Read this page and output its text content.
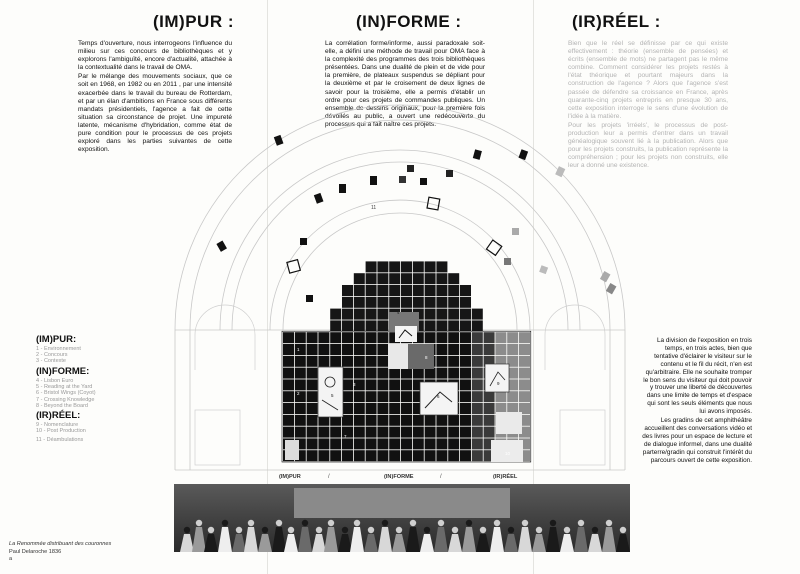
(IM)PUR :	(IN)FORME :	(IR)RÉEL :

Temps d'ouverture, nous interrogeons l'influence du milieu sur ces concours de bibliothèques et y explorons l'ambiguïté, encore d'actualité, attachée à la contextualité dans le travail de OMA.

Par le mélange des mouvements sociaux, que ce soit en 1968, en 1982 ou en 2011 , par une intensité exacerbée dans le travail du bureau de Rotterdam, et par un élan d'ambitions en France sous différents mandats présidentiels, l'agence a fait de cette situation sa circonstance de projet. Une impureté latente, mécanisme d'hybridation, comme état de pure condition pour le processus de ces projets exploré dans les parties suivantes de cette exposition.

La corrélation forme/informe, aussi paradoxale soit-elle, a défini une méthode de travail pour OMA face à la complexité des programmes des trois bibliothèques présentées. Dans une dualité de plein et de vide pour la première, de plateaux suspendus se dépliant pour la deuxième et par le croisement de deux lignes de savoir pour la troisième, elle a permis d'établir un ordre pour ces projets de commandes publiques. Un ensemble de dessins originaux, pour la première fois dévoilés au public, a ouvert une redécouverte du processus qui a fait naître ces projets.

Bien que le réel se définisse par ce qui existe effectivement : théorie (ensemble de pensées) et écrits (ensemble de mots) ne partagent pas le même combine. Comment considérer les projets restés à l'état théorique et pourtant majeurs dans la construction de l'agence ? Alors que l'agence s'est passée de défendre sa croissance en France, après quarante-cinq projets entrepris en presque 30 ans, cette exposition interroge le sens d'une évolution de l'idée à la matière.

Pour les projets 'irréels', le processus de post-production leur a permis d'entrer dans un travail généalogique souvent lié à la publication. Alors que pour les projets construits, la publication représente la compréhension ; pour les projets non construits, elle leur a donné une existence.

11
1
2
3
7
8
10
4
5	6
9
(IM)PUR:
1 - Environnement
2 - Concours
3 - Contexte
(IN)FORME:
4 - Lisbon Euro
5 - Reading at the Yard
6 - Bristol Wings (Coyot)
7 - Crossing Knowledge
8 - Beyond the Board
(IR)RÉEL:
9 - Nomenclature
10 - Post Production
11 - Déambulations

La division de l'exposition en trois temps, en trois actes, bien que tentative d'éclairer le visiteur sur le contenu et le fil du récit, n'en est qu'arbitraire. Elle ne souhaite tromper le bon sens du visiteur qui doit pouvoir y trouver une liberté de découvertes dans une limite de temps et d'espace qui sont les seuls éléments que nous lui avons imposés.

Les gradins de cet amphithéâtre accueillent des conversations vidéo et des livres pour un espace de lecture et de dialogue informel, dans une dualité parterre/gradin qui construit l'intérêt du parcours ouvert de cette exposition.

(IM)PUR	/	(IN)FORME	/	(IR)RÉEL
La Renommée distribuant des couronnes
Paul Delaroche 1836
a
